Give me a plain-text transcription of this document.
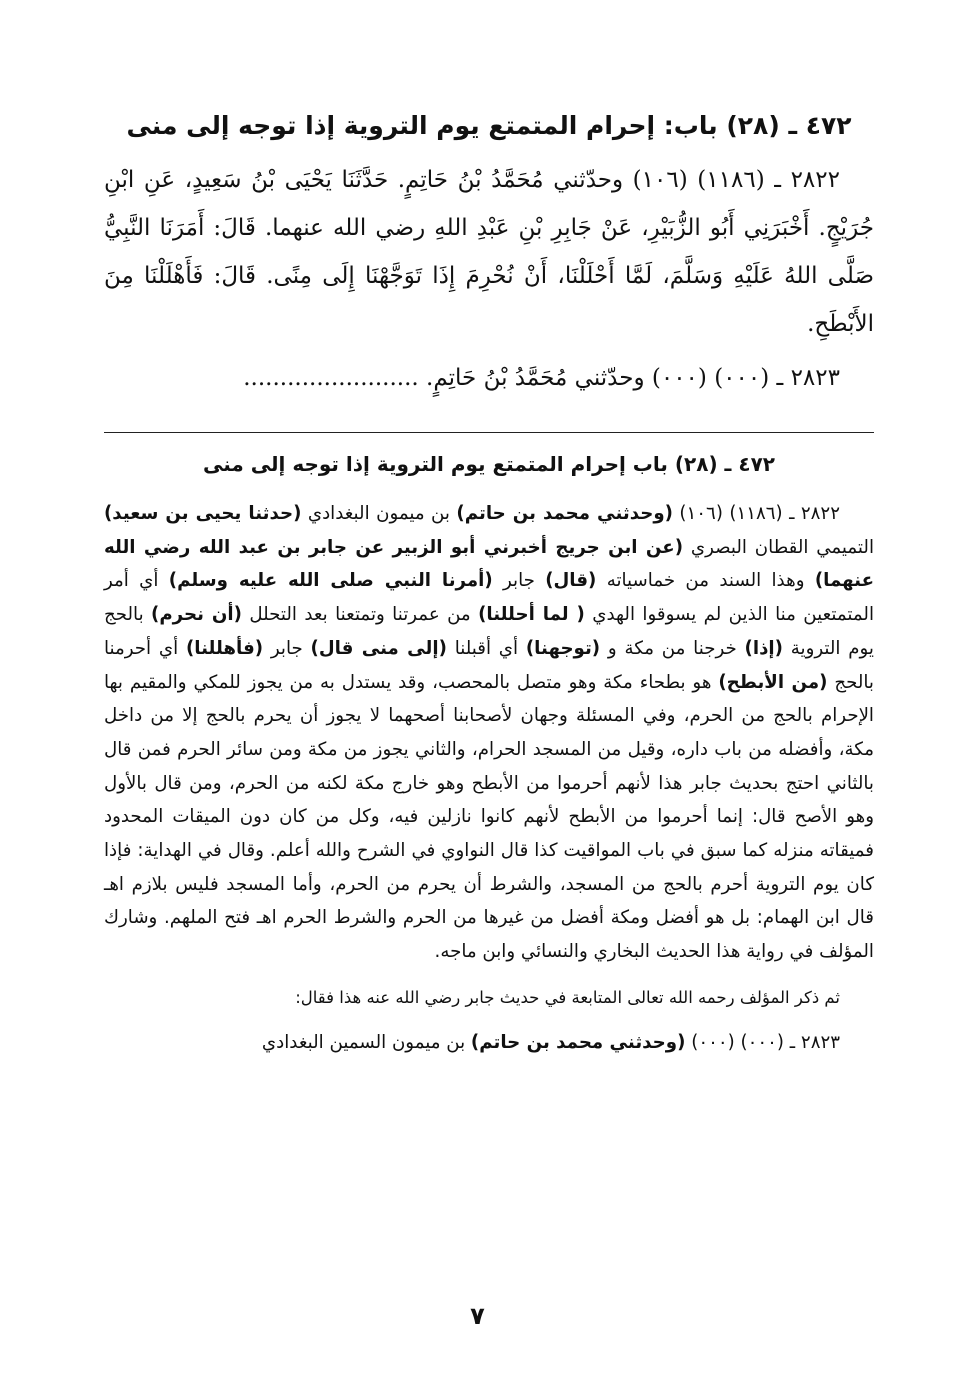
٤٧٢ ـ (٢٨) باب: إحرام المتمتع يوم التروية إذا توجه إلى منى

٢٨٢٢ ـ (١١٨٦) (١٠٦) وحدّثني مُحَمَّدُ بْنُ حَاتِمٍ. حَدَّثَنَا يَحْيَى بْنُ سَعِيدٍ، عَنِ ابْنِ جُرَيْجٍ. أَخْبَرَنِي أَبُو الزُّبَيْرِ، عَنْ جَابِرِ بْنِ عَبْدِ اللهِ رضي الله عنهما. قَالَ: أَمَرَنَا النَّبِيُّ صَلَّى اللهُ عَلَيْهِ وَسَلَّمَ، لَمَّا أَحْلَلْنَا، أَنْ نُحْرِمَ إِذَا تَوَجَّهْنَا إِلَى مِنًى. قَالَ: فَأَهْلَلْنَا مِنَ الأَبْطَحِ.

٢٨٢٣ ـ (٠٠٠) (٠٠٠) وحدّثني مُحَمَّدُ بْنُ حَاتِمٍ. ........................

٤٧٢ ـ (٢٨) باب إحرام المتمتع يوم التروية إذا توجه إلى منى

٢٨٢٢ ـ (١١٨٦) (١٠٦) (وحدثني محمد بن حاتم) بن ميمون البغدادي (حدثنا يحيى بن سعيد) التميمي القطان البصري (عن ابن جريج أخبرني أبو الزبير عن جابر بن عبد الله رضي الله عنهما) وهذا السند من خماسياته (قال) جابر (أمرنا النبي صلى الله عليه وسلم) أي أمر المتمتعين منا الذين لم يسوقوا الهدي ( لما أحللنا) من عمرتنا وتمتعنا بعد التحلل (أن نحرم) بالحج يوم التروية (إذا) خرجنا من مكة و (توجهنا) أي أقبلنا (إلى منى قال) جابر (فأهللنا) أي أحرمنا بالحج (من الأبطح) هو بطحاء مكة وهو متصل بالمحصب، وقد يستدل به من يجوز للمكي والمقيم بها الإحرام بالحج من الحرم، وفي المسئلة وجهان لأصحابنا أصحهما لا يجوز أن يحرم بالحج إلا من داخل مكة، وأفضله من باب داره، وقيل من المسجد الحرام، والثاني يجوز من مكة ومن سائر الحرم فمن قال بالثاني احتج بحديث جابر هذا لأنهم أحرموا من الأبطح وهو خارج مكة لكنه من الحرم، ومن قال بالأول وهو الأصح قال: إنما أحرموا من الأبطح لأنهم كانوا نازلين فيه، وكل من كان دون الميقات المحدود فميقاته منزله كما سبق في باب المواقيت كذا قال النواوي في الشرح والله أعلم. وقال في الهداية: فإذا كان يوم التروية أحرم بالحج من المسجد، والشرط أن يحرم من الحرم، وأما المسجد فليس بلازم اهـ قال ابن الهمام: بل هو أفضل ومكة أفضل من غيرها من الحرم والشرط الحرم اهـ فتح الملهم. وشارك المؤلف في رواية هذا الحديث البخاري والنسائي وابن ماجه.

ثم ذكر المؤلف رحمه الله تعالى المتابعة في حديث جابر رضي الله عنه هذا فقال:

٢٨٢٣ ـ (٠٠٠) (٠٠٠) (وحدثني محمد بن حاتم) بن ميمون السمين البغدادي

٧
